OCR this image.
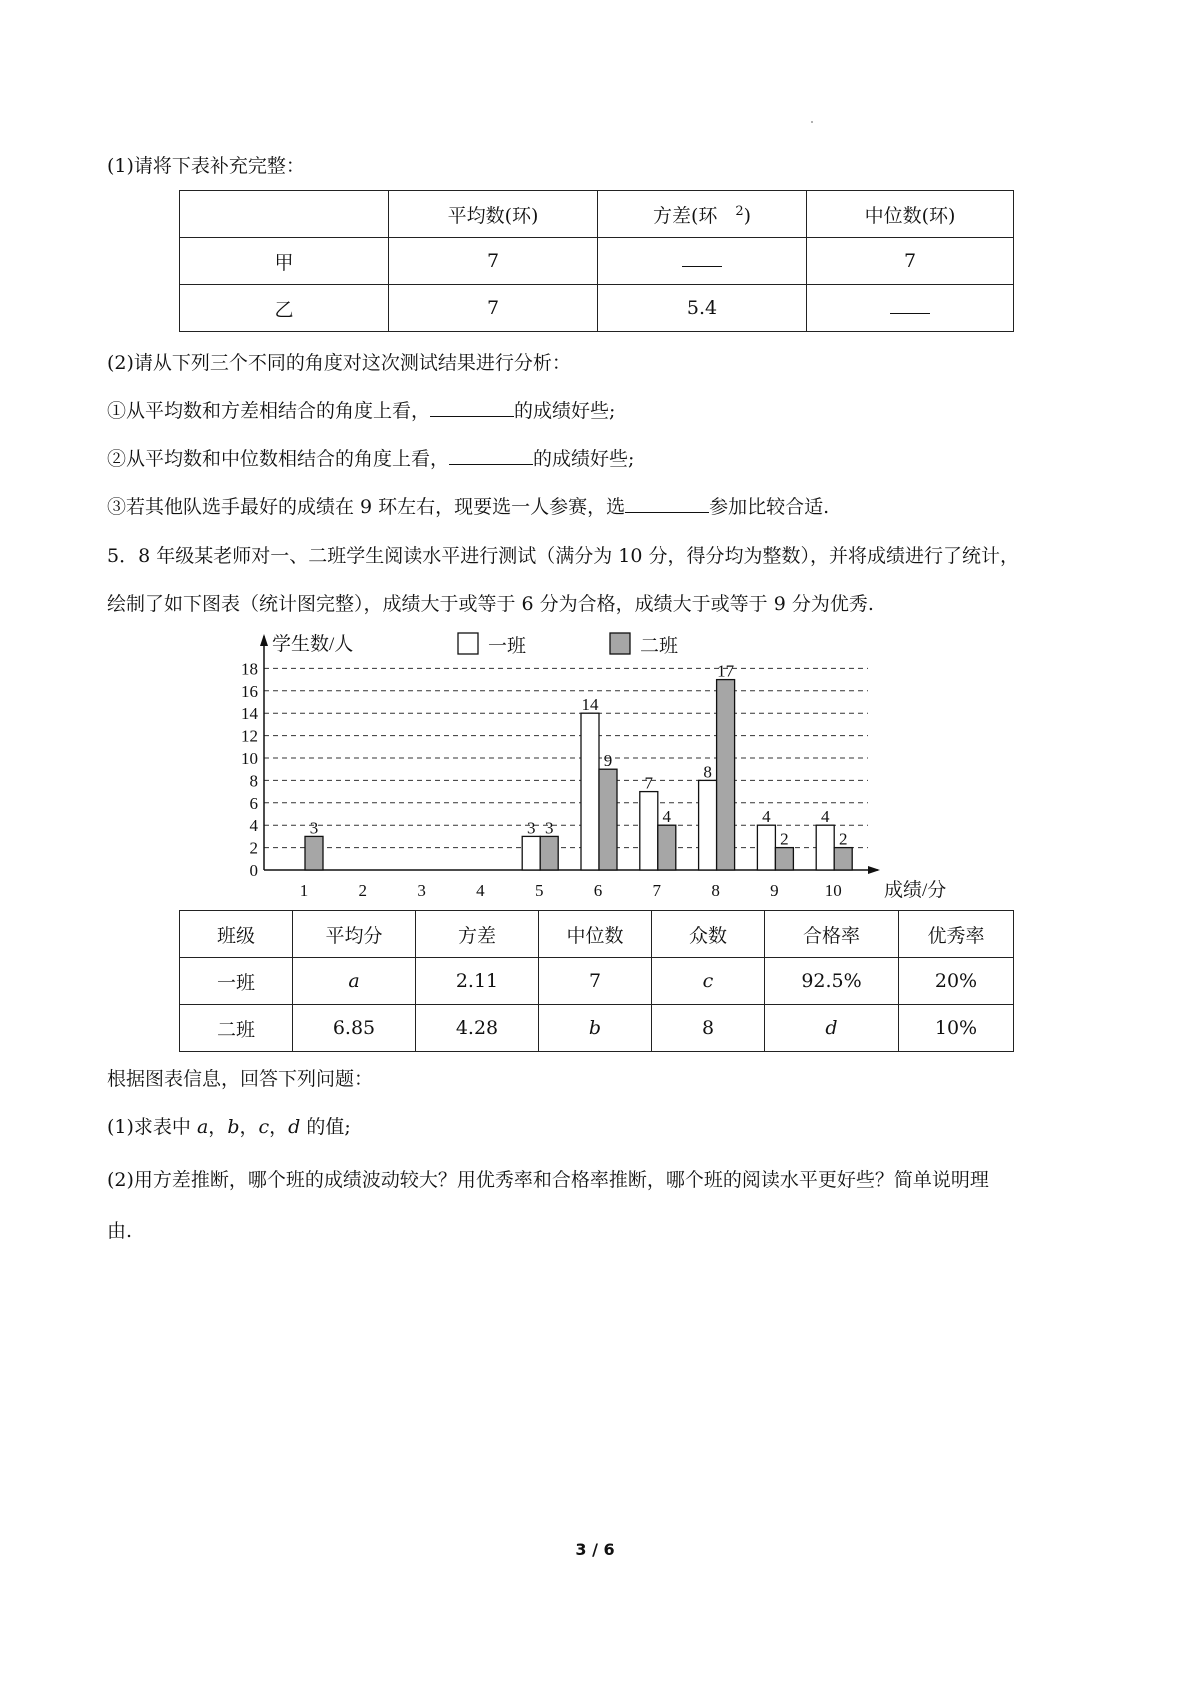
(1)请将下表补充完整：
	平均数(环)	方差(环 $^2$)	中位数(环)
甲	7		7
乙	7	5.4	
(2)请从下列三个不同的角度对这次测试结果进行分析：
①从平均数和方差相结合的角度上看，	的成绩好些;
②从平均数和中位数相结合的角度上看，	的成绩好些;
③若其他队选手最好的成绩在 9 环左右，现要选一人参赛，选	参加比较合适.
5．8 年级某老师对一、二班学生阅读水平进行测试（满分为 10 分，得分均为整数），并将成绩进行了统计，
绘制了如下图表（统计图完整），成绩大于或等于 6 分为合格，成绩大于或等于 9 分为优秀.
0
2
4
6
8
10
12
14
16
18
学生数/人
成绩/分
1	2	3	4	5	6	7	8	9	10
一班	二班
3	3 3
14
9
7
4
8
17
4
2
4
2
班级	平均分	方差	中位数	众数	合格率	优秀率
一班	a	2.11	7	c	92.5%	20%
二班	6.85	4.28	b	8	d	10%
根据图表信息，回答下列问题：
(1)求表中 a，b，c，d 的值;
(2)用方差推断，哪个班的成绩波动较大？用优秀率和合格率推断，哪个班的阅读水平更好些？简单说明理
由.
3 / 6
